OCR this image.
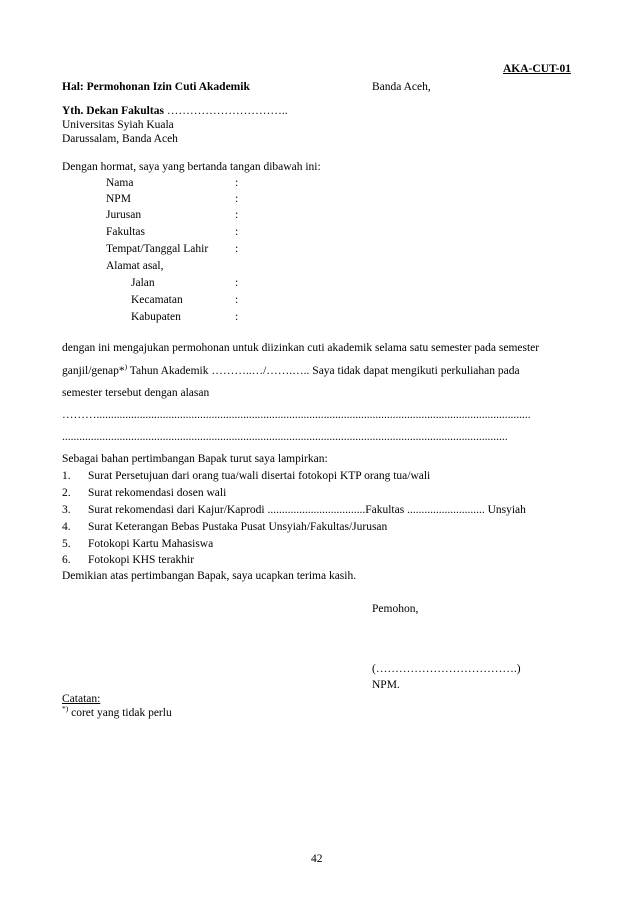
AKA-CUT-01
Hal: Permohonan Izin Cuti Akademik	Banda Aceh,
Yth. Dekan Fakultas …………………………..
Universitas Syiah Kuala
Darussalam, Banda Aceh
Dengan hormat, saya yang bertanda tangan dibawah ini:
Nama	:
NPM	:
Jurusan	:
Fakultas	:
Tempat/Tanggal Lahir :
Alamat asal,
Jalan	:
Kecamatan	:
Kabupaten	:
dengan ini mengajukan permohonan untuk diizinkan cuti akademik selama satu semester pada semester
ganjil/genap*) Tahun Akademik ………..…/…….….. Saya tidak dapat mengikuti perkuliahan pada
semester tersebut dengan alasan
……….......................................................................................................................................................
...........................................................................................................................................................
Sebagai bahan pertimbangan Bapak turut saya lampirkan:
1. Surat Persetujuan dari orang tua/wali disertai fotokopi KTP orang tua/wali
2. Surat rekomendasi dosen wali
3. Surat rekomendasi dari Kajur/Kaprodi ..................................Fakultas ........................... Unsyiah
4. Surat Keterangan Bebas Pustaka Pusat Unsyiah/Fakultas/Jurusan
5. Fotokopi Kartu Mahasiswa
6. Fotokopi KHS terakhir
Demikian atas pertimbangan Bapak, saya ucapkan terima kasih.
Pemohon,
(……………………………….)
NPM.
Catatan:
*) coret yang tidak perlu
42
